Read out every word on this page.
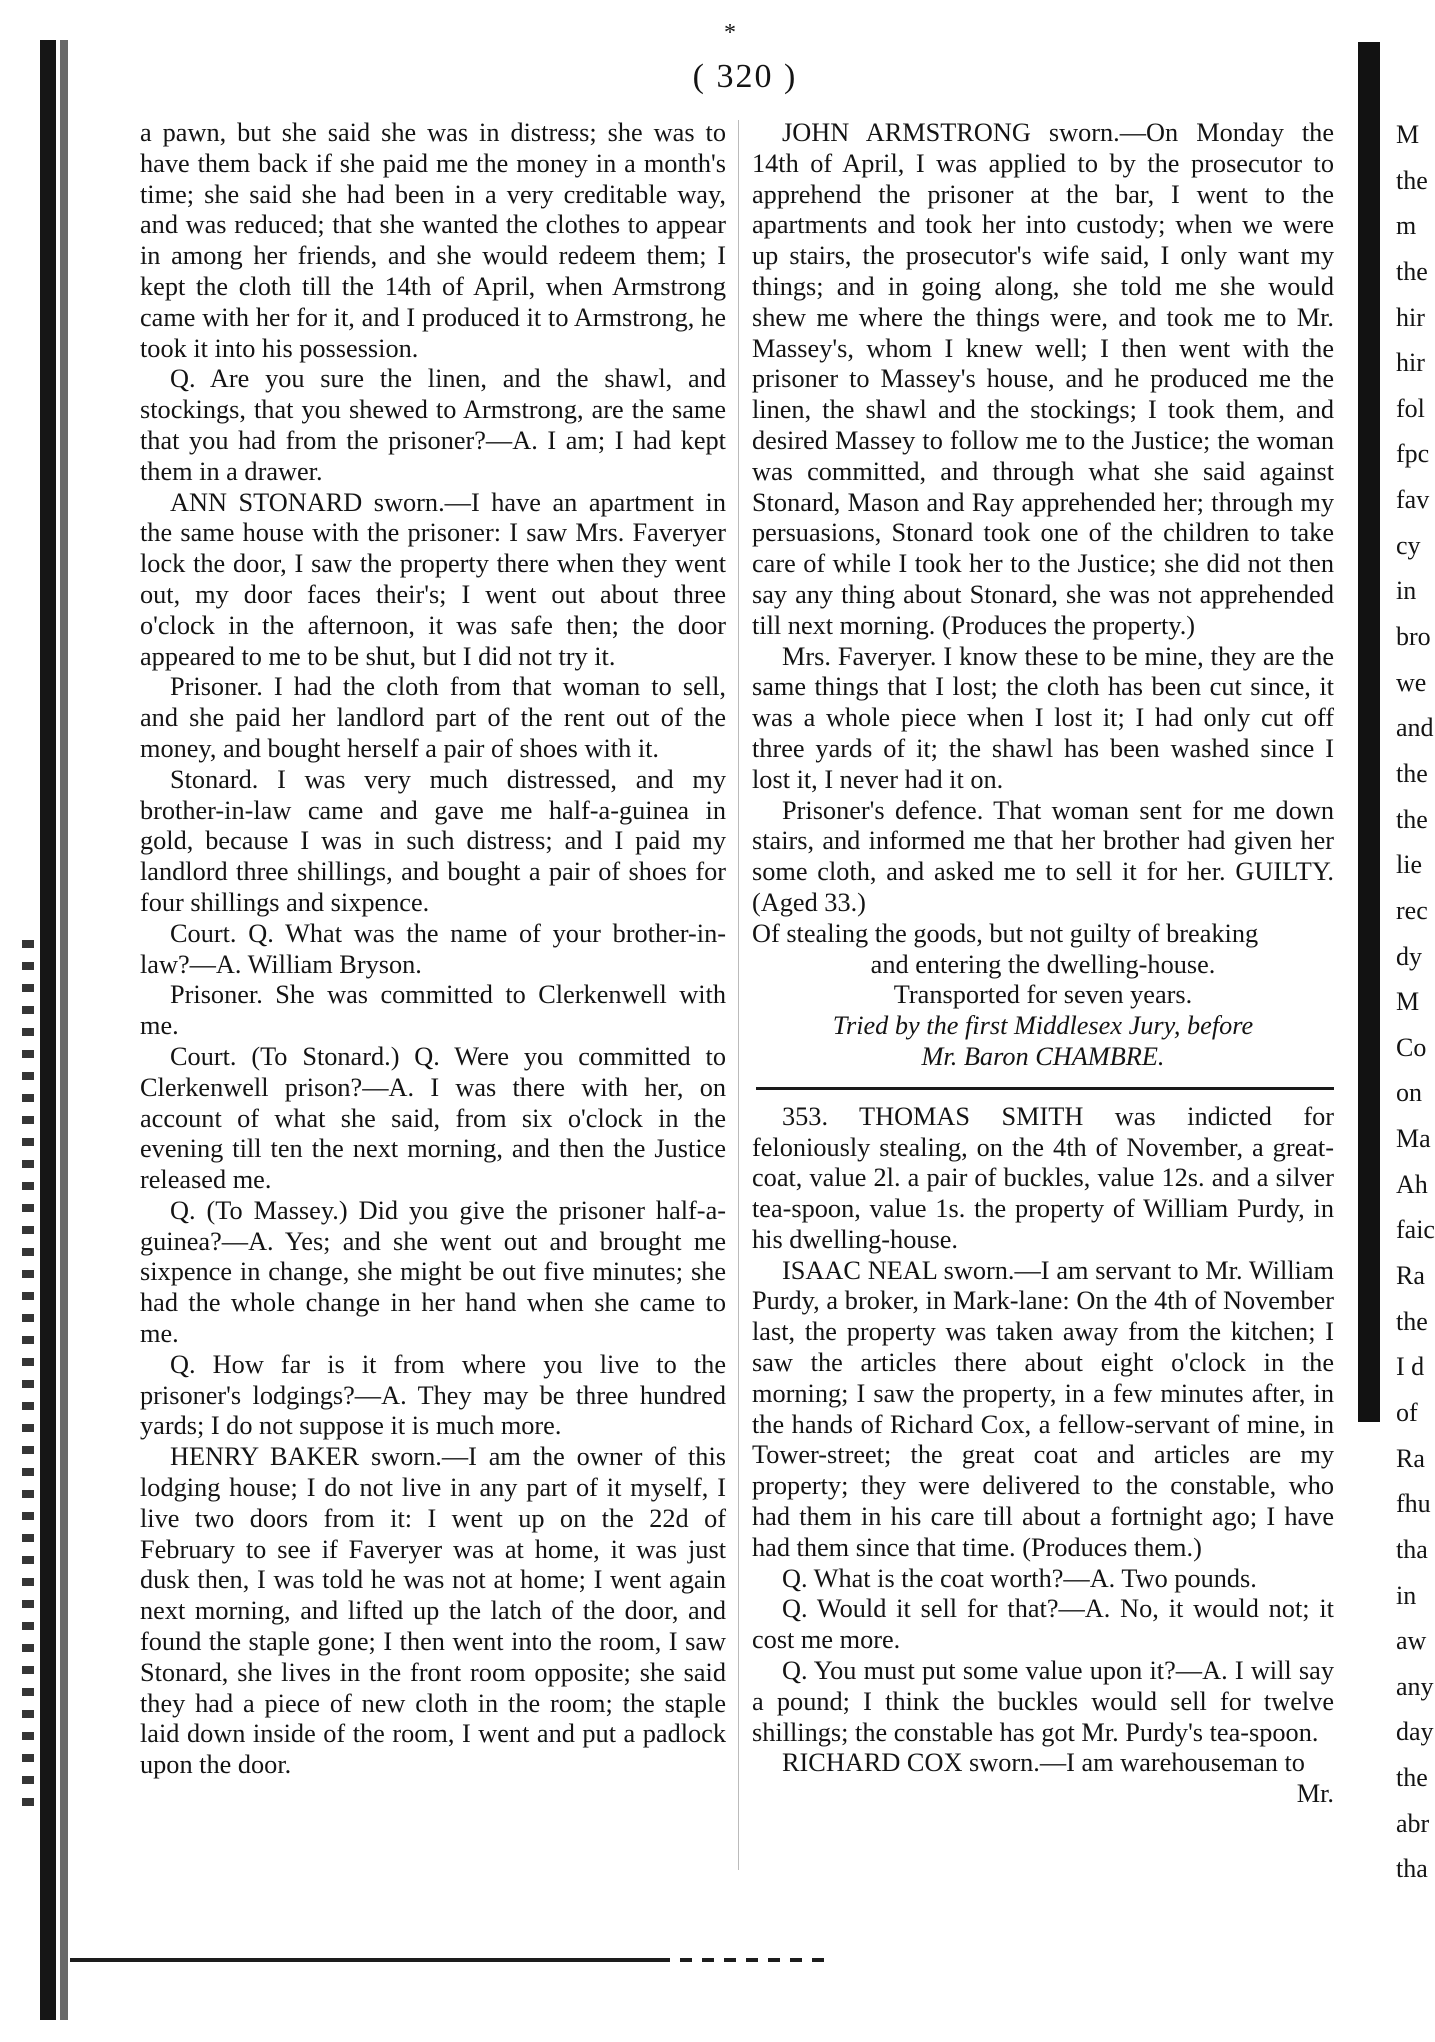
M
the
m
the
hir
hir
fol
fpc
fav
cy
in
bro
we
and
the
the
lie
rec
dy
M
Co
on
Ma
Ah
faic
Ra
the
I d
of
Ra
fhu
tha
in
aw
any
day
the
abr
tha
*
( 320 )

a pawn, but she said she was in distress; she was to have them back if she paid me the money in a month's time; she said she had been in a very creditable way, and was reduced; that she wanted the clothes to appear in among her friends, and she would redeem them; I kept the cloth till the 14th of April, when Armstrong came with her for it, and I produced it to Armstrong, he took it into his possession.

Q. Are you sure the linen, and the shawl, and stockings, that you shewed to Armstrong, are the same that you had from the prisoner?—A. I am; I had kept them in a drawer.

ANN STONARD sworn.—I have an apartment in the same house with the prisoner: I saw Mrs. Faveryer lock the door, I saw the property there when they went out, my door faces their's; I went out about three o'clock in the afternoon, it was safe then; the door appeared to me to be shut, but I did not try it.

Prisoner. I had the cloth from that woman to sell, and she paid her landlord part of the rent out of the money, and bought herself a pair of shoes with it.

Stonard. I was very much distressed, and my brother-in-law came and gave me half-a-guinea in gold, because I was in such distress; and I paid my landlord three shillings, and bought a pair of shoes for four shillings and sixpence.

Court. Q. What was the name of your brother-in-law?—A. William Bryson.

Prisoner. She was committed to Clerkenwell with me.

Court. (To Stonard.) Q. Were you committed to Clerkenwell prison?—A. I was there with her, on account of what she said, from six o'clock in the evening till ten the next morning, and then the Justice released me.

Q. (To Massey.) Did you give the prisoner half-a-guinea?—A. Yes; and she went out and brought me sixpence in change, she might be out five minutes; she had the whole change in her hand when she came to me.

Q. How far is it from where you live to the prisoner's lodgings?—A. They may be three hundred yards; I do not suppose it is much more.

HENRY BAKER sworn.—I am the owner of this lodging house; I do not live in any part of it myself, I live two doors from it: I went up on the 22d of February to see if Faveryer was at home, it was just dusk then, I was told he was not at home; I went again next morning, and lifted up the latch of the door, and found the staple gone; I then went into the room, I saw Stonard, she lives in the front room opposite; she said they had a piece of new cloth in the room; the staple laid down inside of the room, I went and put a padlock upon the door.

JOHN ARMSTRONG sworn.—On Monday the 14th of April, I was applied to by the prosecutor to apprehend the prisoner at the bar, I went to the apartments and took her into custody; when we were up stairs, the prosecutor's wife said, I only want my things; and in going along, she told me she would shew me where the things were, and took me to Mr. Massey's, whom I knew well; I then went with the prisoner to Massey's house, and he produced me the linen, the shawl and the stockings; I took them, and desired Massey to follow me to the Justice; the woman was committed, and through what she said against Stonard, Mason and Ray apprehended her; through my persuasions, Stonard took one of the children to take care of while I took her to the Justice; she did not then say any thing about Stonard, she was not apprehended till next morning. (Produces the property.)

Mrs. Faveryer. I know these to be mine, they are the same things that I lost; the cloth has been cut since, it was a whole piece when I lost it; I had only cut off three yards of it; the shawl has been washed since I lost it, I never had it on.

Prisoner's defence. That woman sent for me down stairs, and informed me that her brother had given her some cloth, and asked me to sell it for her. GUILTY. (Aged 33.)

Of stealing the goods, but not guilty of breaking

and entering the dwelling-house.

Transported for seven years.

Tried by the first Middlesex Jury, before

Mr. Baron CHAMBRE.

353. THOMAS SMITH was indicted for feloniously stealing, on the 4th of November, a great-coat, value 2l. a pair of buckles, value 12s. and a silver tea-spoon, value 1s. the property of William Purdy, in his dwelling-house.

ISAAC NEAL sworn.—I am servant to Mr. William Purdy, a broker, in Mark-lane: On the 4th of November last, the property was taken away from the kitchen; I saw the articles there about eight o'clock in the morning; I saw the property, in a few minutes after, in the hands of Richard Cox, a fellow-servant of mine, in Tower-street; the great coat and articles are my property; they were delivered to the constable, who had them in his care till about a fortnight ago; I have had them since that time. (Produces them.)

Q. What is the coat worth?—A. Two pounds.

Q. Would it sell for that?—A. No, it would not; it cost me more.

Q. You must put some value upon it?—A. I will say a pound; I think the buckles would sell for twelve shillings; the constable has got Mr. Purdy's tea-spoon.

RICHARD COX sworn.—I am warehouseman to

Mr.
